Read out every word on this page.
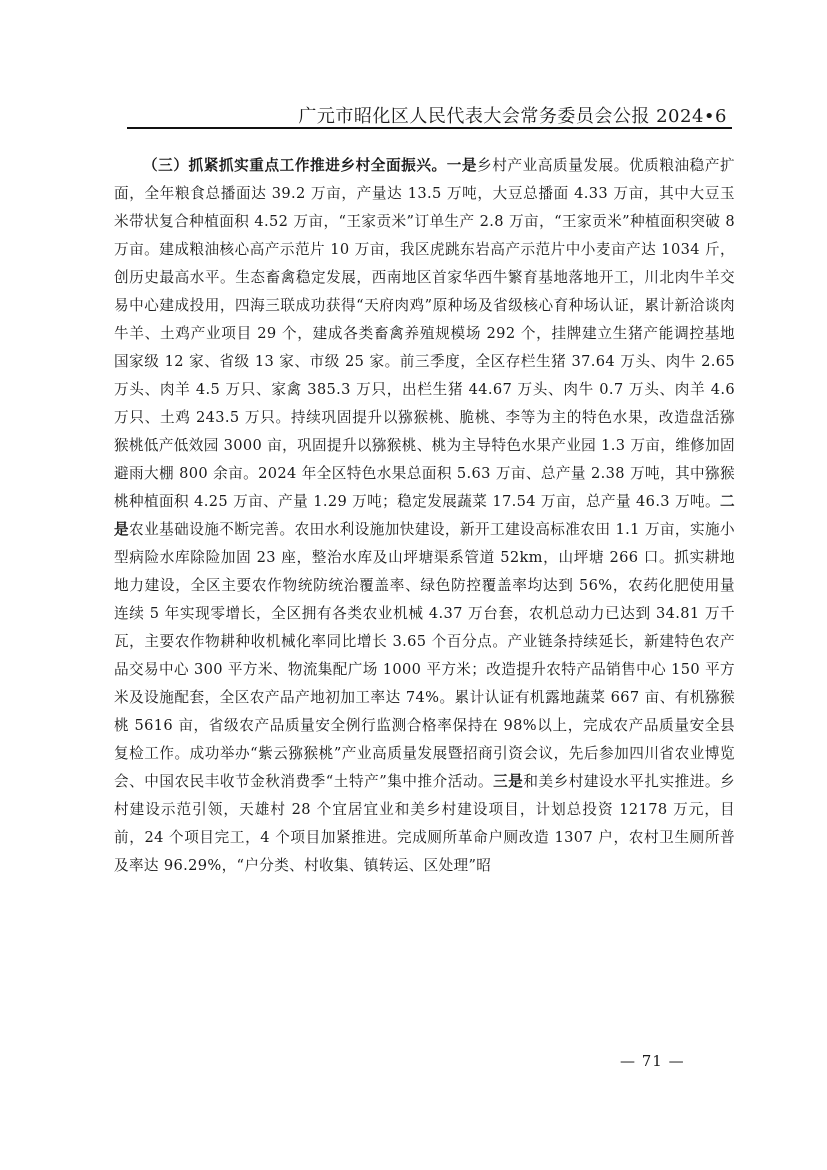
广元市昭化区人民代表大会常务委员会公报 2024•6

（三）抓紧抓实重点工作推进乡村全面振兴。一是乡村产业高质量发展。优质粮油稳产扩面，全年粮食总播面达 39.2 万亩，产量达 13.5 万吨，大豆总播面 4.33 万亩，其中大豆玉米带状复合种植面积 4.52 万亩，“王家贡米”订单生产 2.8 万亩，“王家贡米”种植面积突破 8 万亩。建成粮油核心高产示范片 10 万亩，我区虎跳东岩高产示范片中小麦亩产达 1034 斤，创历史最高水平。生态畜禽稳定发展，西南地区首家华西牛繁育基地落地开工，川北肉牛羊交易中心建成投用，四海三联成功获得“天府肉鸡”原种场及省级核心育种场认证，累计新洽谈肉牛羊、土鸡产业项目 29 个，建成各类畜禽养殖规模场 292 个，挂牌建立生猪产能调控基地国家级 12 家、省级 13 家、市级 25 家。前三季度，全区存栏生猪 37.64 万头、肉牛 2.65 万头、肉羊 4.5 万只、家禽 385.3 万只，出栏生猪 44.67 万头、肉牛 0.7 万头、肉羊 4.6 万只、土鸡 243.5 万只。持续巩固提升以猕猴桃、脆桃、李等为主的特色水果，改造盘活猕猴桃低产低效园 3000 亩，巩固提升以猕猴桃、桃为主导特色水果产业园 1.3 万亩，维修加固避雨大棚 800 余亩。2024 年全区特色水果总面积 5.63 万亩、总产量 2.38 万吨，其中猕猴桃种植面积 4.25 万亩、产量 1.29 万吨；稳定发展蔬菜 17.54 万亩，总产量 46.3 万吨。二是农业基础设施不断完善。农田水利设施加快建设，新开工建设高标准农田 1.1 万亩，实施小型病险水库除险加固 23 座，整治水库及山坪塘渠系管道 52km，山坪塘 266 口。抓实耕地地力建设，全区主要农作物统防统治覆盖率、绿色防控覆盖率均达到 56%，农药化肥使用量连续 5 年实现零增长，全区拥有各类农业机械 4.37 万台套，农机总动力已达到 34.81 万千瓦，主要农作物耕种收机械化率同比增长 3.65 个百分点。产业链条持续延长，新建特色农产品交易中心 300 平方米、物流集配广场 1000 平方米；改造提升农特产品销售中心 150 平方米及设施配套，全区农产品产地初加工率达 74%。累计认证有机露地蔬菜 667 亩、有机猕猴桃 5616 亩，省级农产品质量安全例行监测合格率保持在 98%以上，完成农产品质量安全县复检工作。成功举办“紫云猕猴桃”产业高质量发展暨招商引资会议，先后参加四川省农业博览会、中国农民丰收节金秋消费季“土特产”集中推介活动。三是和美乡村建设水平扎实推进。乡村建设示范引领，天雄村 28 个宜居宜业和美乡村建设项目，计划总投资 12178 万元，目前，24 个项目完工，4 个项目加紧推进。完成厕所革命户厕改造 1307 户，农村卫生厕所普及率达 96.29%，“户分类、村收集、镇转运、区处理”昭

— 71 —
